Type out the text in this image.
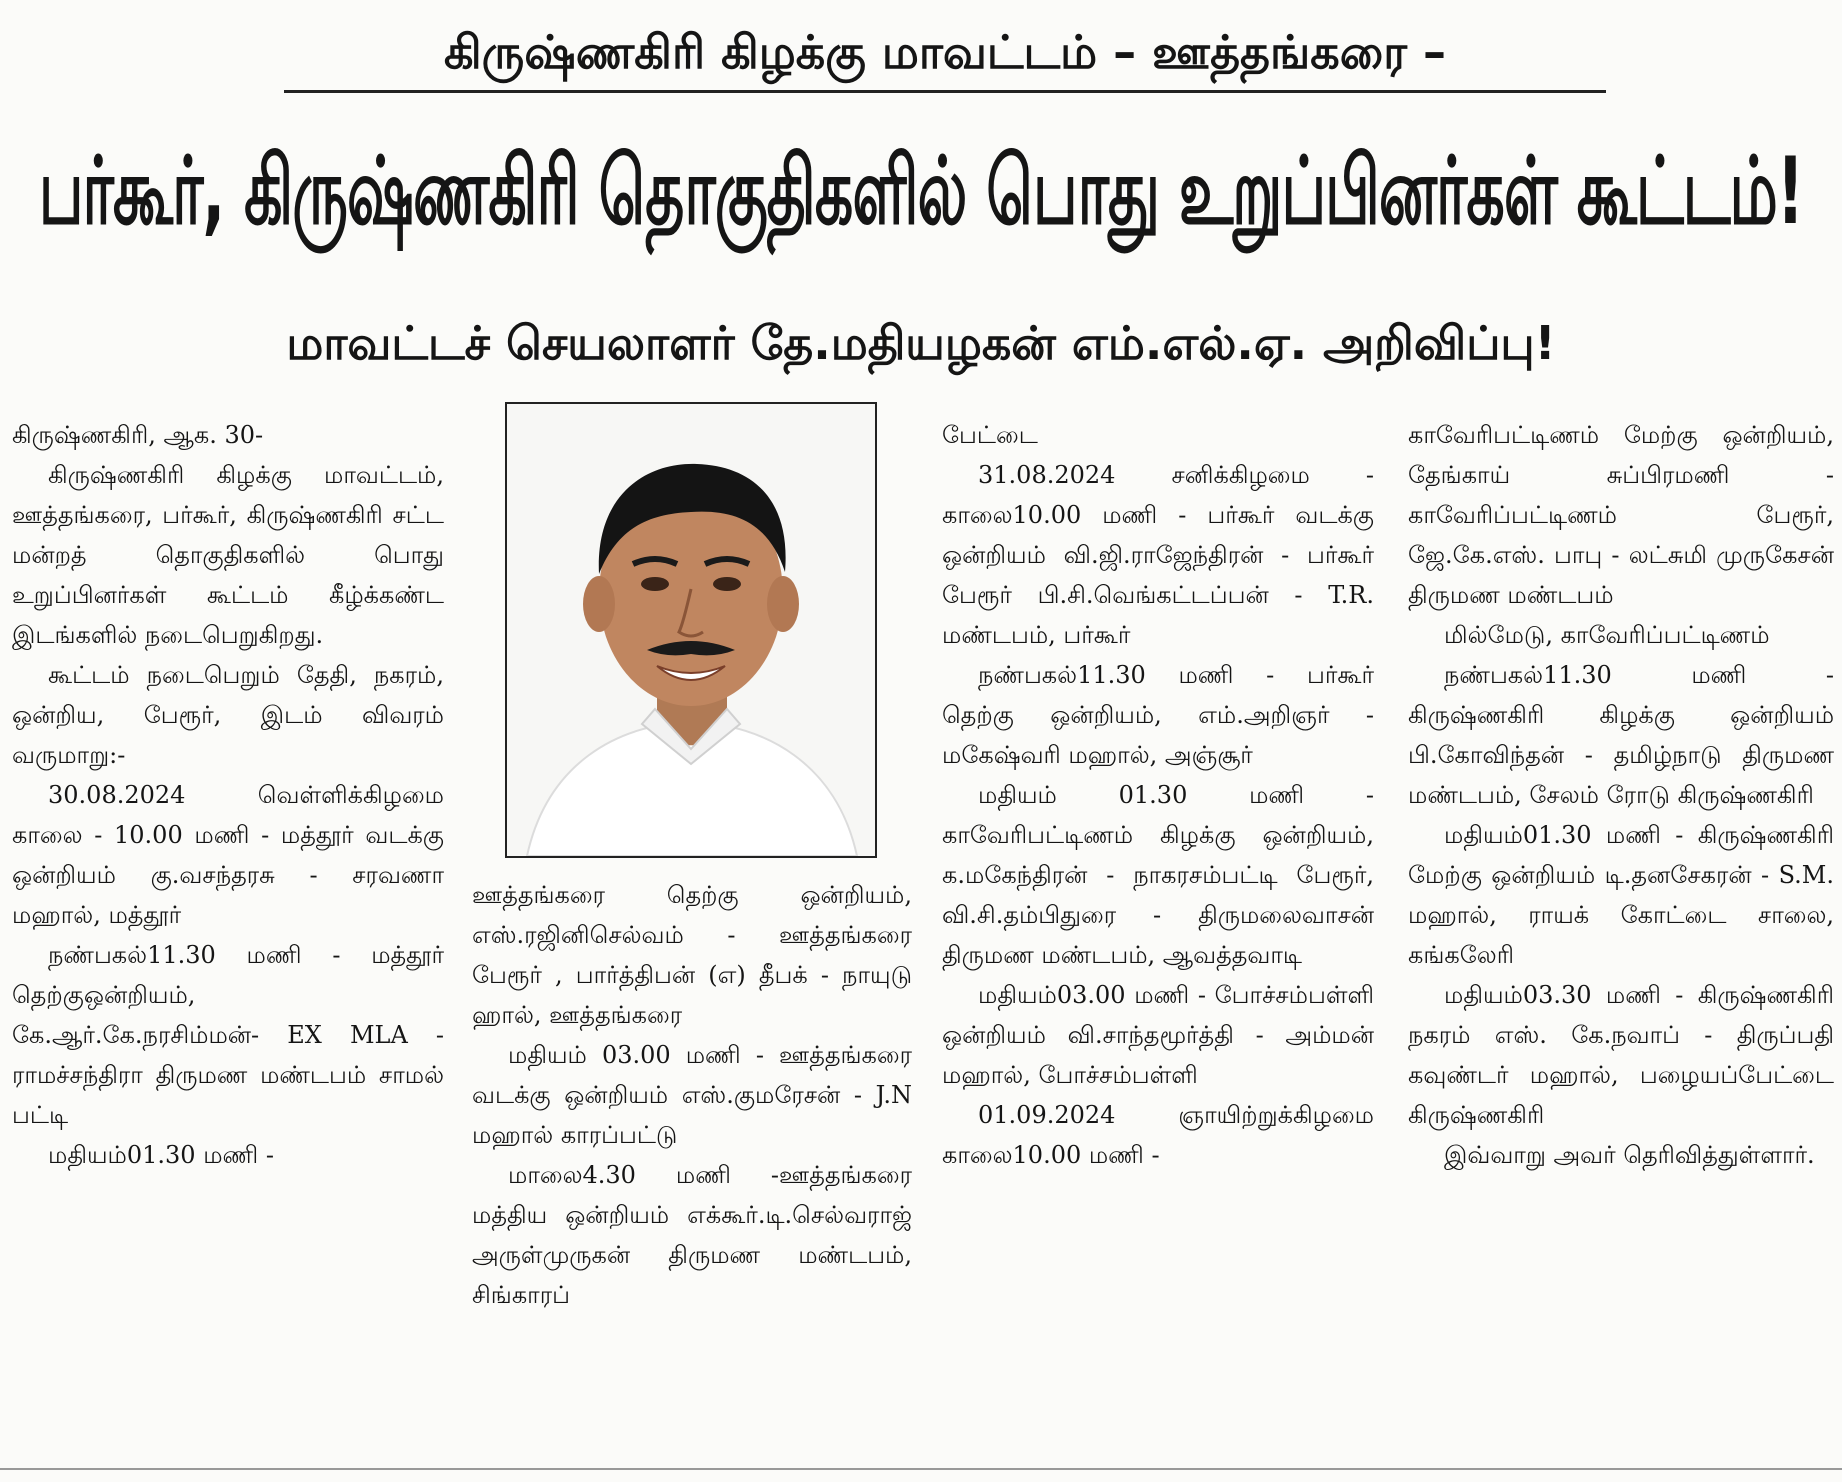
கிருஷ்ணகிரி கிழக்கு மாவட்டம் – ஊத்தங்கரை –
பர்கூர், கிருஷ்ணகிரி தொகுதிகளில் பொது உறுப்பினர்கள் கூட்டம்!
மாவட்டச் செயலாளர் தே.மதியழகன் எம்.எல்.ஏ. அறிவிப்பு!

கிருஷ்ணகிரி, ஆக. 30-

கிருஷ்ணகிரி கிழக்கு மாவட்டம், ஊத்தங்கரை, பர்கூர், கிருஷ்ணகிரி சட்ட மன்றத் தொகுதிகளில் பொது உறுப்பினர்கள் கூட்டம் கீழ்க்கண்ட இடங்களில் நடைபெறுகிறது.

கூட்டம் நடைபெறும் தேதி, நகரம், ஒன்றிய, பேரூர், இடம் விவரம் வருமாறு:-

30.08.2024 வெள்ளிக்கிழமை காலை - 10.00 மணி - மத்தூர் வடக்கு ஒன்றியம் கு.வசந்தரசு - சரவணா மஹால், மத்தூர்

நண்பகல்11.30 மணி - மத்தூர் தெற்குஒன்றியம், கே.ஆர்.கே.நரசிம்மன்- EX MLA - ராமச்சந்திரா திருமண மண்டபம் சாமல் பட்டி

மதியம்01.30 மணி -

ஊத்தங்கரை தெற்கு ஒன்றியம், எஸ்.ரஜினிசெல்வம் - ஊத்தங்கரை பேரூர் , பார்த்திபன் (எ) தீபக் - நாயுடு ஹால், ஊத்தங்கரை

மதியம் 03.00 மணி - ஊத்தங்கரை வடக்கு ஒன்றியம் எஸ்.குமரேசன் - J.N மஹால் காரப்பட்டு

மாலை4.30 மணி -ஊத்தங்கரை மத்திய ஒன்றியம் எக்கூர்.டி.செல்வராஜ் அருள்முருகன் திருமண மண்டபம், சிங்காரப்

பேட்டை

31.08.2024 சனிக்கிழமை - காலை10.00 மணி - பர்கூர் வடக்கு ஒன்றியம் வி.ஜி.ராஜேந்திரன் - பர்கூர் பேரூர் பி.சி.வெங்கட்டப்பன் - T.R. மண்டபம், பர்கூர்

நண்பகல்11.30 மணி - பர்கூர் தெற்கு ஒன்றியம், எம்.அறிஞர் - மகேஷ்வரி மஹால், அஞ்சூர்

மதியம் 01.30 மணி - காவேரிபட்டிணம் கிழக்கு ஒன்றியம், க.மகேந்திரன் - நாகரசம்பட்டி பேரூர், வி.சி.தம்பிதுரை - திருமலைவாசன் திருமண மண்டபம், ஆவத்தவாடி

மதியம்03.00 மணி - போச்சம்பள்ளி ஒன்றியம் வி.சாந்தமூர்த்தி - அம்மன் மஹால், போச்சம்பள்ளி

01.09.2024 ஞாயிற்றுக்கிழமை காலை10.00 மணி -

காவேரிபட்டிணம் மேற்கு ஒன்றியம், தேங்காய் சுப்பிரமணி - காவேரிப்பட்டிணம் பேரூர், ஜே.கே.எஸ். பாபு - லட்சுமி முருகேசன் திருமண மண்டபம்

மில்மேடு, காவேரிப்பட்டிணம்

நண்பகல்11.30 மணி - கிருஷ்ணகிரி கிழக்கு ஒன்றியம் பி.கோவிந்தன் - தமிழ்நாடு திருமண மண்டபம், சேலம் ரோடு கிருஷ்ணகிரி

மதியம்01.30 மணி - கிருஷ்ணகிரி மேற்கு ஒன்றியம் டி.தனசேகரன் - S.M. மஹால், ராயக் கோட்டை சாலை, கங்கலேரி

மதியம்03.30 மணி - கிருஷ்ணகிரி நகரம் எஸ். கே.நவாப் - திருப்பதி கவுண்டர் மஹால், பழையப்பேட்டை கிருஷ்ணகிரி

இவ்வாறு அவர் தெரிவித்துள்ளார்.
